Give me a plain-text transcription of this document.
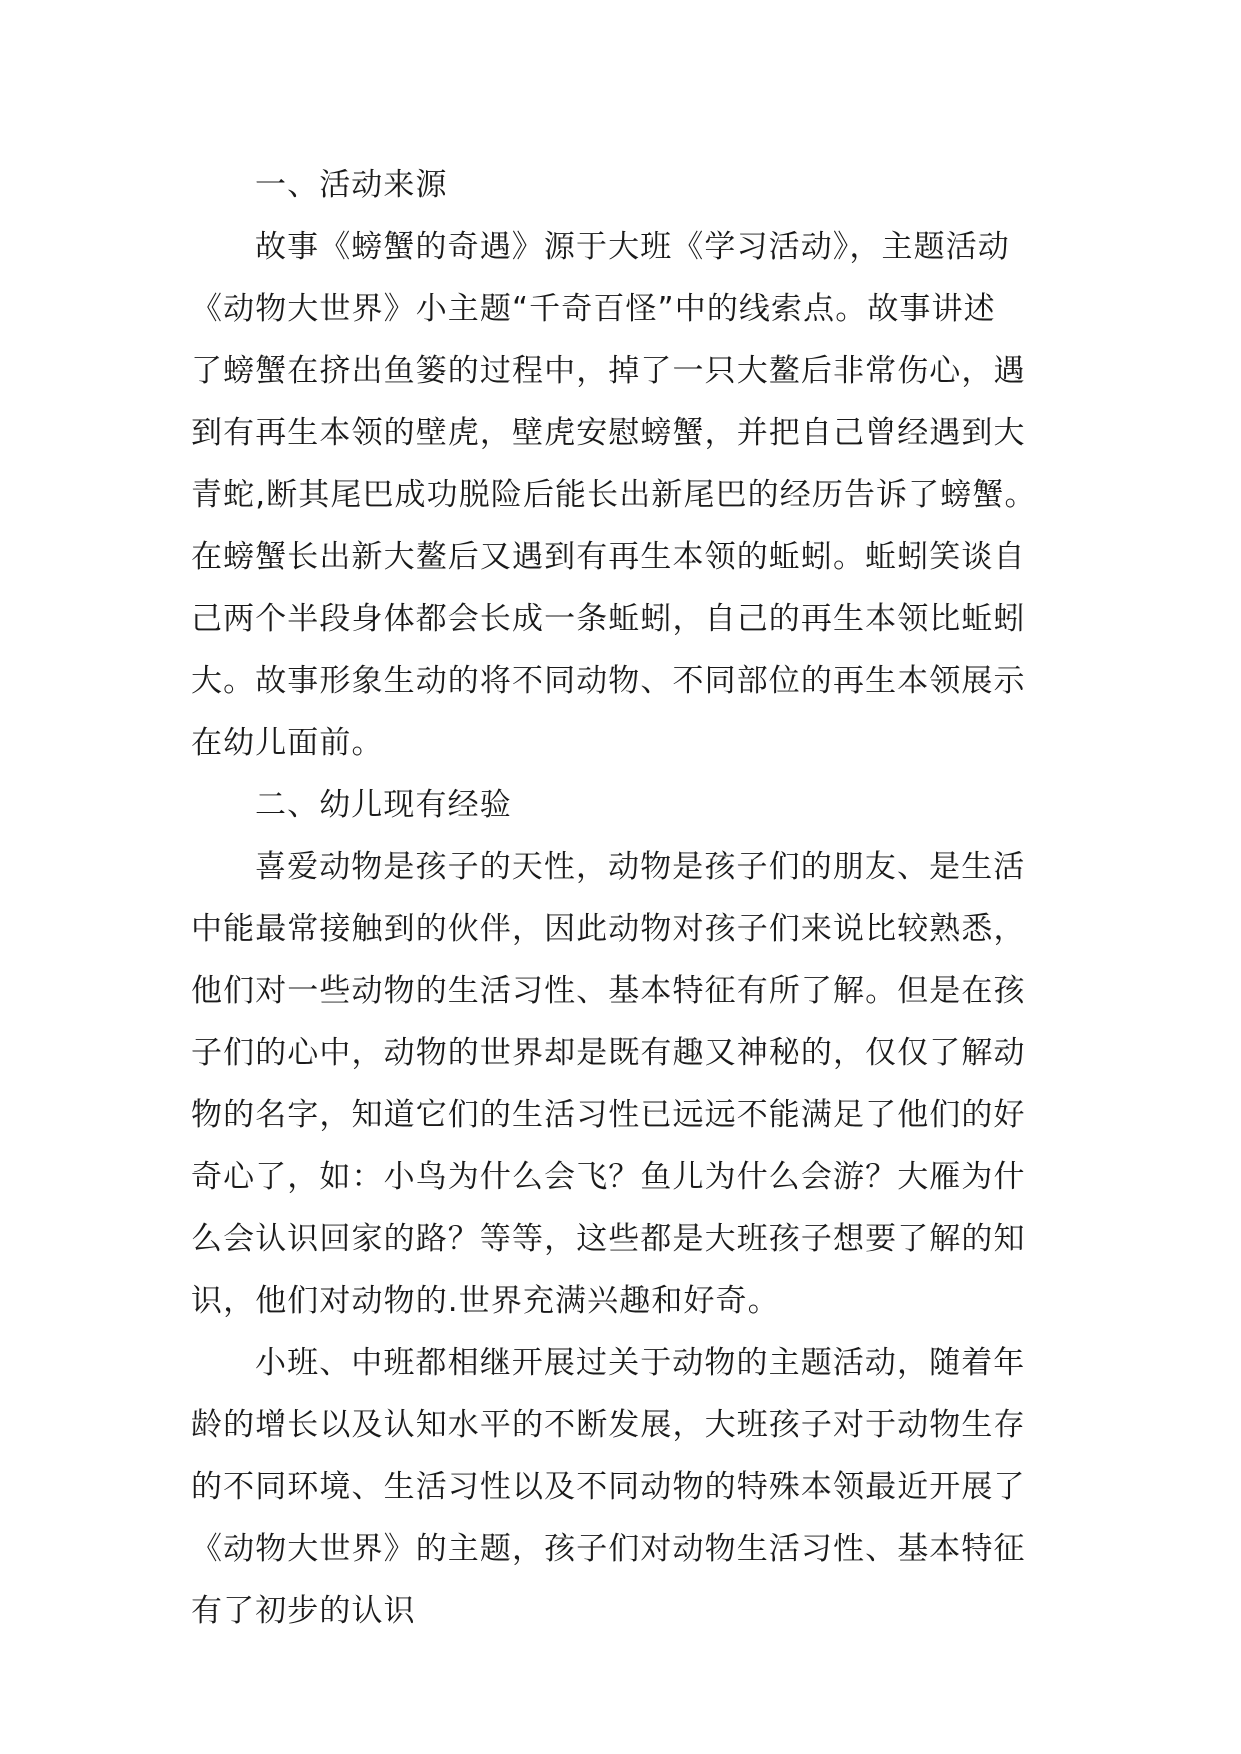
一、活动来源
故事《螃蟹的奇遇》源于大班《学习活动》，主题活动
《动物大世界》小主题“千奇百怪”中的线索点。故事讲述
了螃蟹在挤出鱼篓的过程中，掉了一只大鳌后非常伤心，遇
到有再生本领的壁虎，壁虎安慰螃蟹，并把自己曾经遇到大
青蛇,断其尾巴成功脱险后能长出新尾巴的经历告诉了螃蟹。
在螃蟹长出新大鳌后又遇到有再生本领的蚯蚓。蚯蚓笑谈自
己两个半段身体都会长成一条蚯蚓，自己的再生本领比蚯蚓
大。故事形象生动的将不同动物、不同部位的再生本领展示
在幼儿面前。
二、幼儿现有经验
喜爱动物是孩子的天性，动物是孩子们的朋友、是生活
中能最常接触到的伙伴，因此动物对孩子们来说比较熟悉，
他们对一些动物的生活习性、基本特征有所了解。但是在孩
子们的心中，动物的世界却是既有趣又神秘的，仅仅了解动
物的名字，知道它们的生活习性已远远不能满足了他们的好
奇心了，如：小鸟为什么会飞？鱼儿为什么会游？大雁为什
么会认识回家的路？等等，这些都是大班孩子想要了解的知
识，他们对动物的.世界充满兴趣和好奇。
小班、中班都相继开展过关于动物的主题活动，随着年
龄的增长以及认知水平的不断发展，大班孩子对于动物生存
的不同环境、生活习性以及不同动物的特殊本领最近开展了
《动物大世界》的主题，孩子们对动物生活习性、基本特征
有了初步的认识
